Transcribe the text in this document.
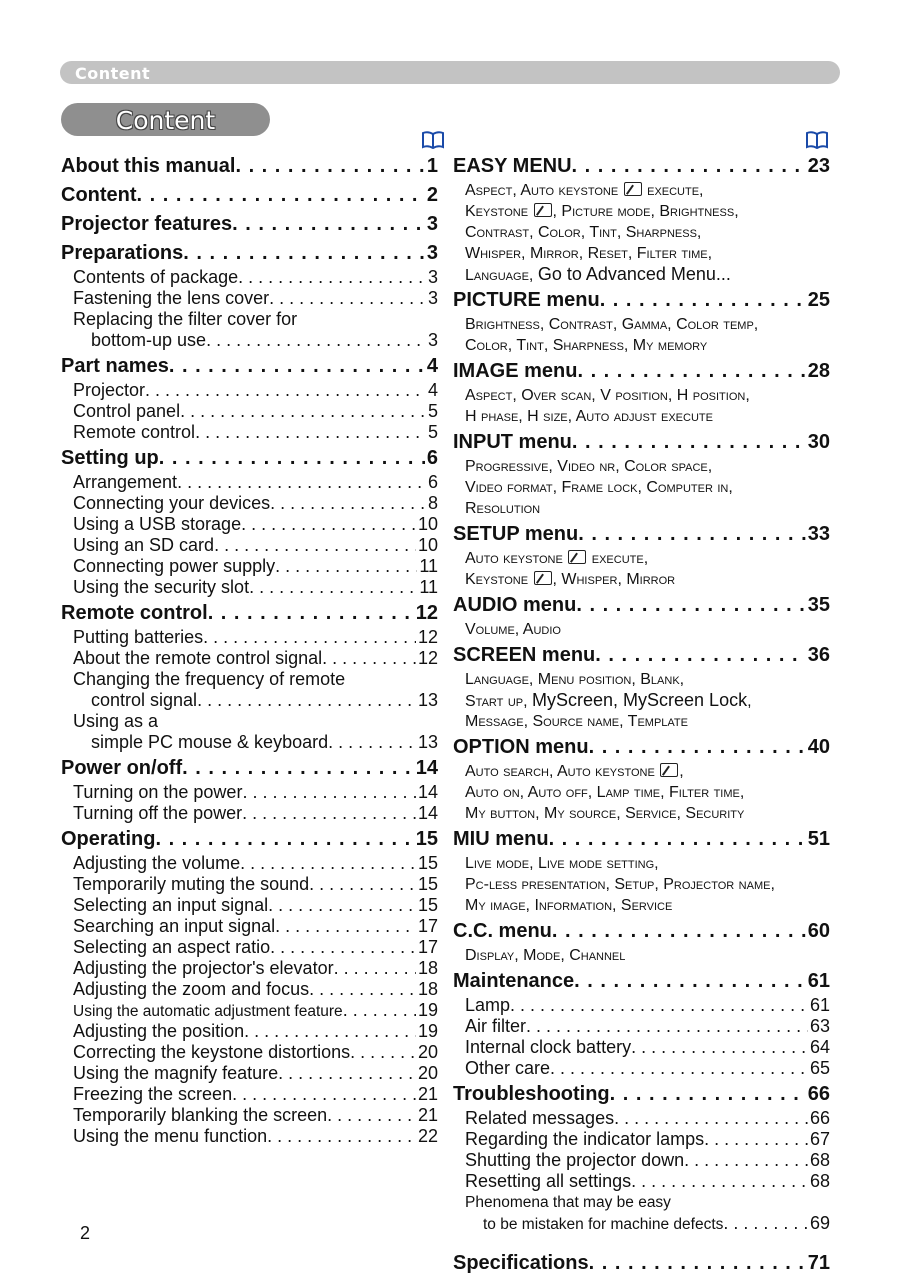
Content
Content
About this manual . . .	1
Content . . .	2
Projector features . . .	3
Preparations . . .	3
Contents of package . . .	3
Fastening the lens cover . . .	3
Replacing the filter cover for
bottom-up use . . .	3
Part names . . .	4
Projector . . .	4
Control panel . . .	5
Remote control . . .	5
Setting up . . .	6
Arrangement . . .	6
Connecting your devices . . .	8
Using a USB storage . . .	10
Using an SD card . . .	10
Connecting power supply . . .	11
Using the security slot . . .	11
Remote control . . .	12
Putting batteries . . .	12
About the remote control signal . . .	12
Changing the frequency of remote
control signal . . .	13
Using as a
simple PC mouse & keyboard . . .	13
Power on/off . . .	14
Turning on the power . . .	14
Turning off the power . . .	14
Operating . . .	15
Adjusting the volume . . .	15
Temporarily muting the sound . . .	15
Selecting an input signal . . .	15
Searching an input signal . . .	17
Selecting an aspect ratio . . .	17
Adjusting the projector's elevator . . .	18
Adjusting the zoom and focus . . .	18
Using the automatic adjustment feature . . .	19
Adjusting the position . . .	19
Correcting the keystone distortions . . .	20
Using the magnify feature . . .	20
Freezing the screen . . .	21
Temporarily blanking the screen . . .	21
Using the menu function . . .	22
EASY MENU . . .	23
Aspect, Auto keystone  execute,
Keystone , Picture mode, Brightness,
Contrast, Color, Tint, Sharpness,
Whisper, Mirror, Reset, Filter time,
Language, Go to Advanced Menu...
PICTURE menu . . .	25
Brightness, Contrast, Gamma, Color temp,
Color, Tint, Sharpness, My memory
IMAGE menu . . .	28
Aspect, Over scan, V position, H position,
H phase, H size, Auto adjust execute
INPUT menu . . .	30
Progressive, Video nr, Color space,
Video format, Frame lock, Computer in,
Resolution
SETUP menu . . .	33
Auto keystone  execute,
Keystone , Whisper, Mirror
AUDIO menu . . .	35
Volume, Audio
SCREEN menu . . .	36
Language, Menu position, Blank,
Start up, MyScreen, MyScreen Lock,
Message, Source name, Template
OPTION menu . . .	40
Auto search, Auto keystone ,
Auto on, Auto off, Lamp time, Filter time,
My button, My source, Service, Security
MIU menu . . .	51
Live mode, Live mode setting,
Pc-less presentation, Setup, Projector name,
My image, Information, Service
C.C. menu . . .	60
Display, Mode, Channel
Maintenance . . .	61
Lamp . . .	61
Air filter . . .	63
Internal clock battery . . .	64
Other care . . .	65
Troubleshooting . . .	66
Related messages . . .	66
Regarding the indicator lamps . . .	67
Shutting the projector down . . .	68
Resetting all settings . . .	68
Phenomena that may be easy
to be mistaken for machine defects . . .	69
Specifications . . .	71
2
